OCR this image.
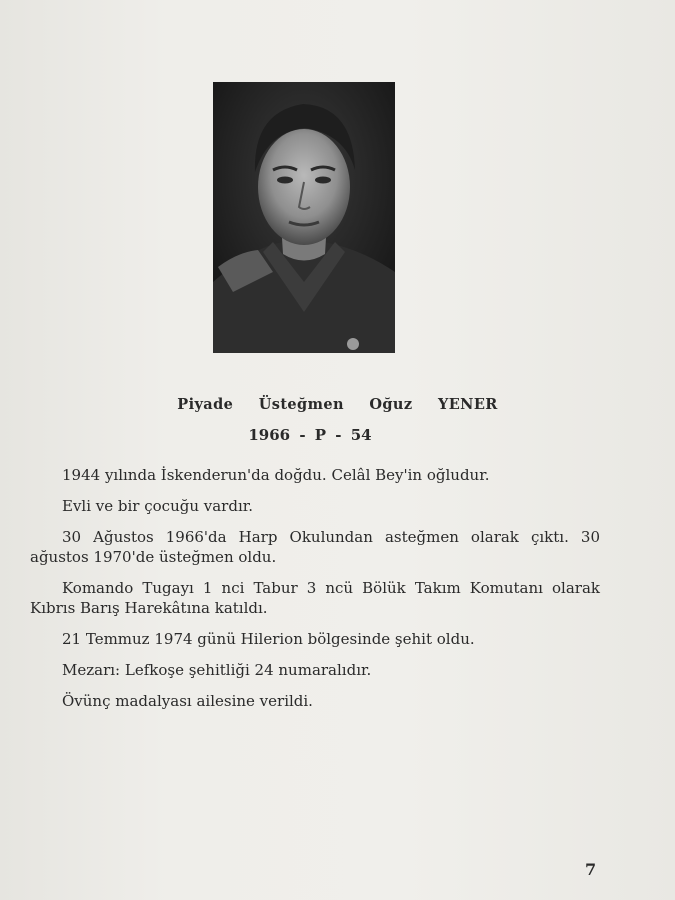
Piyade Üsteğmen Oğuz YENER
1966 - P - 54

1944 yılında İskenderun'da doğdu. Celâl Bey'in oğludur.

Evli ve bir çocuğu vardır.

30 Ağustos 1966'da Harp Okulundan asteğmen olarak çıktı. 30 ağustos 1970'de üsteğmen oldu.

Komando Tugayı 1 nci Tabur 3 ncü Bölük Takım Komutanı olarak Kıbrıs Barış Harekâtına katıldı.

21 Temmuz 1974 günü Hilerion bölgesinde şehit oldu.

Mezarı: Lefkoşe şehitliği 24 numaralıdır.

Övünç madalyası ailesine verildi.

7
